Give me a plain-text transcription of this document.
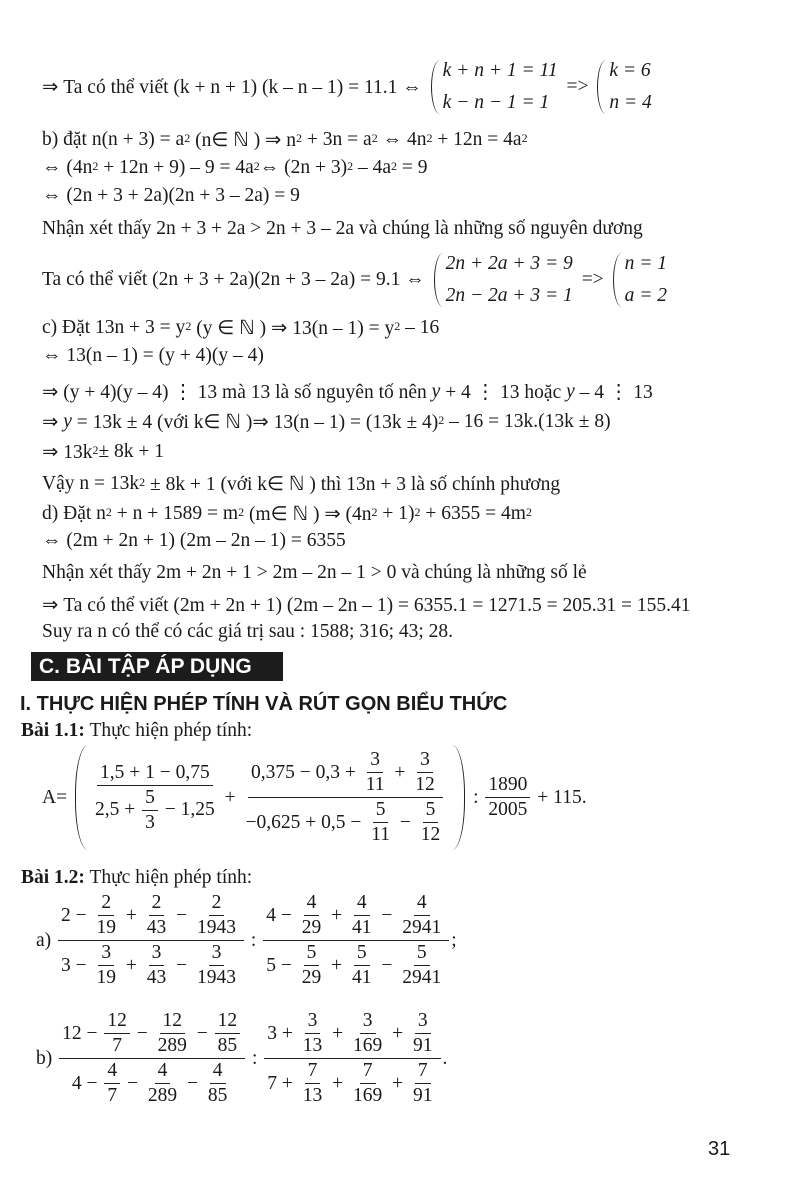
⇒ Ta có thể viết (k + n + 1) (k – n – 1) = 11.1 ⇔
k + n + 1 = 11
k − n − 1 = 1
=>
k = 6
n = 4
b) đặt $n(n + 3) = a^2$ (n∈ ℕ ) ⇒ $n^2 + 3n = a^2$ ⇔ $4n^2 + 12n = 4a^2$
⇔ $(4n^2 + 12n + 9) - 9 = 4a^2$ ⇔ $(2n + 3)^2 - 4a^2 = 9$
⇔ (2n + 3 + 2a)(2n + 3 – 2a) = 9
Nhận xét thấy 2n + 3 + 2a > 2n + 3 – 2a và chúng là những số nguyên dương
Ta có thể viết (2n + 3 + 2a)(2n + 3 – 2a) = 9.1 ⇔
2n + 2a + 3 = 9
2n − 2a + 3 = 1
=>
n = 1
a = 2
c) Đặt $13n + 3 = y^2$ (y ∈ ℕ ) ⇒ $13(n - 1) = y^2 - 16$
⇔ 13(n – 1) = (y + 4)(y – 4)
⇒ (y + 4)(y – 4) ⋮ 13 mà 13 là số nguyên tố nên y + 4 ⋮ 13 hoặc y – 4 ⋮ 13
⇒ y = 13k ± 4 (với k∈ ℕ )⇒ $13(n - 1) = (13k \pm 4)^2 - 16 = 13k.(13k \pm 8)$
⇒ $13k^2 \pm 8k + 1$
Vậy $n = 13k^2 \pm 8k + 1$ (với k∈ ℕ ) thì 13n + 3 là số chính phương
d) Đặt $n^2 + n + 1589 = m^2$ (m∈ ℕ ) ⇒ $(4n^2 + 1)^2 + 6355 = 4m^2$
⇔ (2m + 2n + 1) (2m – 2n – 1) = 6355
Nhận xét thấy 2m + 2n + 1 > 2m – 2n – 1 > 0 và chúng là những số lẻ
⇒ Ta có thể viết (2m + 2n + 1) (2m – 2n – 1) = 6355.1 = 1271.5 = 205.31 = 155.41
Suy ra n có thể có các giá trị sau : 1588; 316; 43; 28.
C. BÀI TẬP ÁP DỤNG
I. THỰC HIỆN PHÉP TÍNH VÀ RÚT GỌN BIỂU THỨC
Bài 1.1: Thực hiện phép tính:
$A= \frac{1,5 + 1 - 0,75}{2,5 + \frac{5}{3} - 1,25} + \frac{0,375 - 0,3 + \frac{3}{11} + \frac{3}{12}}{-0,625 + 0,5 - \frac{5}{11} - \frac{5}{12}}$ : $\frac{1890}{2005} + 115$.
Bài 1.2: Thực hiện phép tính:
$a) \frac{2 - \frac{2}{19} + \frac{2}{43} - \frac{2}{1943}}{3 - \frac{3}{19} + \frac{3}{43} - \frac{3}{1943}}$ : $\frac{4 - \frac{4}{29} + \frac{4}{41} - \frac{4}{2941}}{5 - \frac{5}{29} + \frac{5}{41} - \frac{5}{2941}}$ ;
$b) \frac{12 - \frac{12}{7} - \frac{12}{289} - \frac{12}{85}}{4 - \frac{4}{7} - \frac{4}{289} - \frac{4}{85}}$ : $\frac{3 + \frac{3}{13} + \frac{3}{169} + \frac{3}{91}}{7 + \frac{7}{13} + \frac{7}{169} + \frac{7}{91}}$ .
31
